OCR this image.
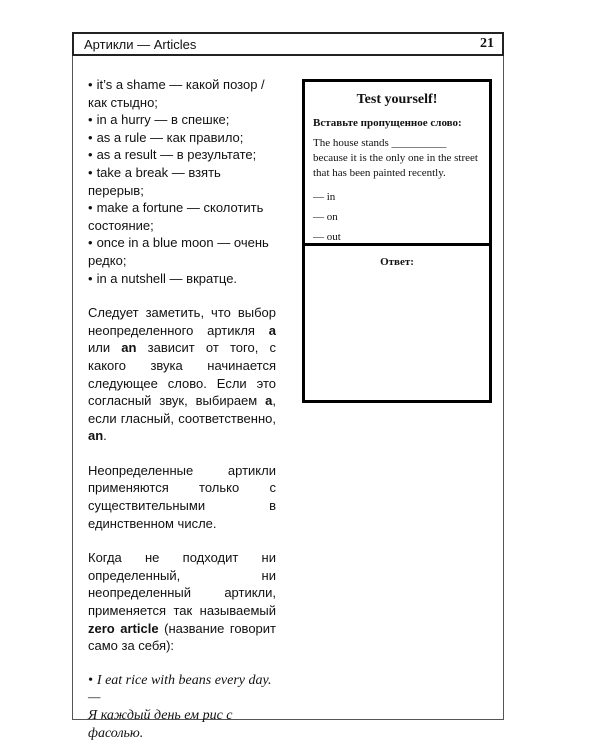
Артикли — Articles	21
• it’s a shame — какой позор / как стыдно;
• in a hurry — в спешке;
• as a rule — как правило;
• as a result — в результате;
• take a break — взять перерыв;
• make a fortune — сколотить состояние;
• once in a blue moon — очень редко;
• in a nutshell — вкратце.

Следует заметить, что выбор неопределенного артикля a или an зависит от того, с какого звука начинается следующее слово. Если это согласный звук, выбираем a, если гласный, соответственно, an.

Неопределенные артикли применяются только с существительными в единственном числе.

Когда не подходит ни определенный, ни неопределенный артикли, применяется так называемый zero article (название говорит само за себя):

• I eat rice with beans every day. —
Я каждый день ем рис с фасолью.
Test yourself!
Вставьте пропущенное слово:
The house stands __________ because it is the only one in the street that has been painted recently.
— in
— on
— out
Ответ:
